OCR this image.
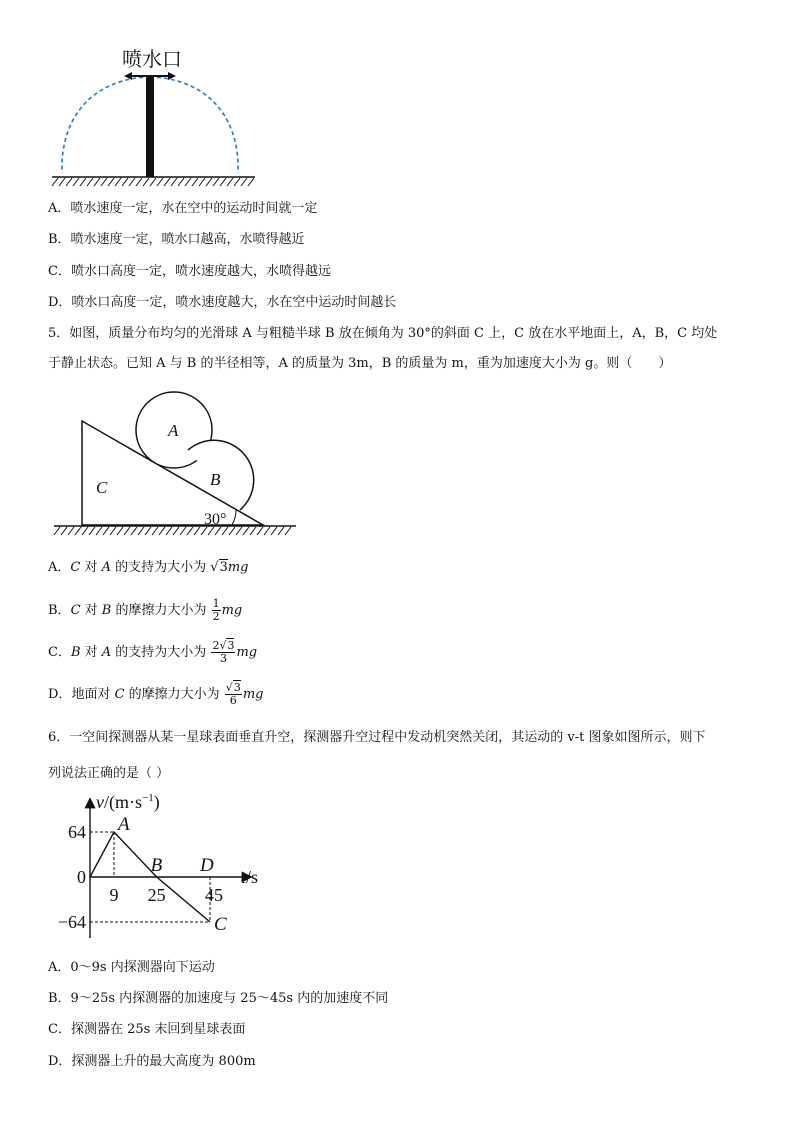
喷水口
A．喷水速度一定，水在空中的运动时间就一定
B．喷水速度一定，喷水口越高，水喷得越近
C．喷水口高度一定，喷水速度越大，水喷得越远
D．喷水口高度一定，喷水速度越大，水在空中运动时间越长
5．如图，质量分布均匀的光滑球 A 与粗糙半球 B 放在倾角为 30°的斜面 C 上，C 放在水平地面上，A，B，C 均处
于静止状态。已知 A 与 B 的半径相等，A 的质量为 3m，B 的质量为 m，重为加速度大小为 g。则（　　）
A
B
C
30°
A．C 对 A 的支持为大小为 √3mg
B．C 对 B 的摩擦力大小为 $\frac{1}{2}$ mg
C．B 对 A 的支持为大小为 $\frac{2√3}{3}$ mg
D．地面对 C 的摩擦力大小为 $\frac{√3}{6}$ mg
6．一空间探测器从某一星球表面垂直升空，探测器升空过程中发动机突然关闭，其运动的 v-t 图象如图所示，则下
列说法正确的是（ ）
$v/(m\cdot s^{-1})$
t/s
64
0
−64
9 25 45
A
B D
C
A．0～9s 内探测器向下运动
B．9～25s 内探测器的加速度与 25～45s 内的加速度不同
C．探测器在 25s 末回到星球表面
D．探测器上升的最大高度为 800m
